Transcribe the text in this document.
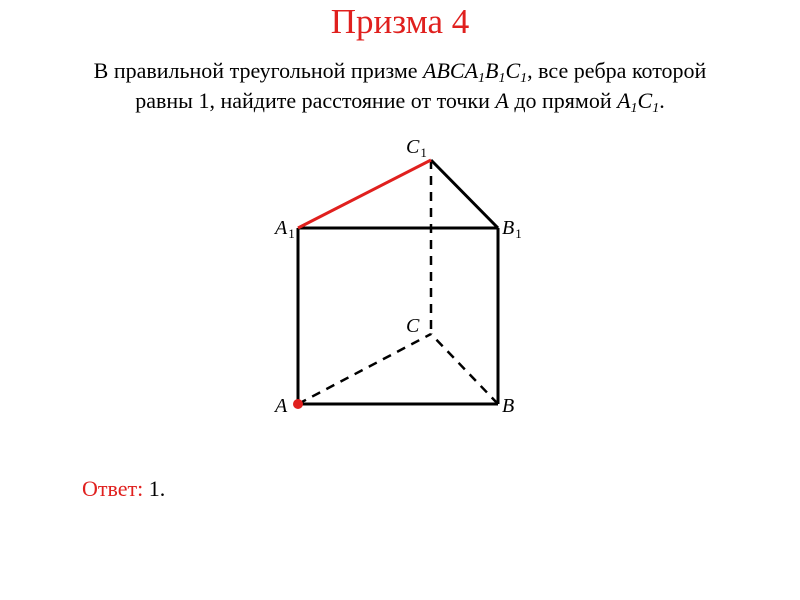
Призма 4
В правильной треугольной призме $ABCA_1B_1C_1$, все ребра которой
равны 1, найдите расстояние от точки A до прямой $A_1C_1$.
A	B
C
$A_1$	$B_1$
$C_1$
Ответ: 1.
